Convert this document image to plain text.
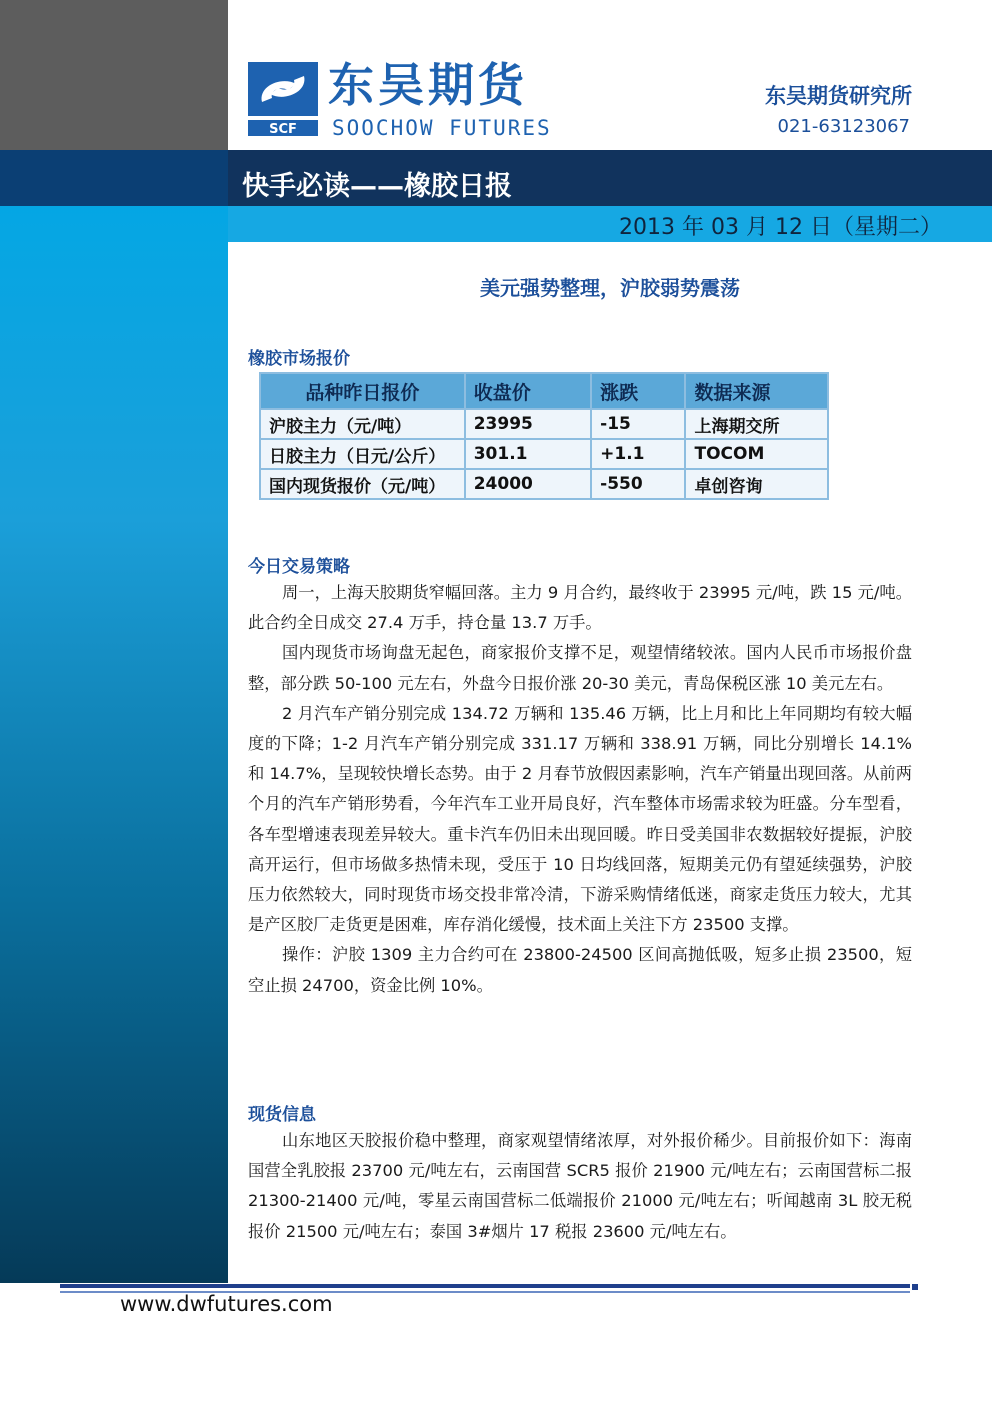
SCF
东吴期货
SOOCHOW FUTURES
东吴期货研究所
021-63123067
快手必读——橡胶日报
2013 年 03 月 12 日（星期二）
美元强势整理，沪胶弱势震荡
橡胶市场报价
品种昨日报价	收盘价	涨跌	数据来源
沪胶主力（元/吨）	23995	-15	上海期交所
日胶主力（日元/公斤）	301.1	+1.1	TOCOM
国内现货报价（元/吨）	24000	-550	卓创咨询
今日交易策略

周一，上海天胶期货窄幅回落。主力 9 月合约，最终收于 23995 元/吨，跌 15 元/吨。此合约全日成交 27.4 万手，持仓量 13.7 万手。

国内现货市场询盘无起色，商家报价支撑不足，观望情绪较浓。国内人民币市场报价盘整，部分跌 50-100 元左右，外盘今日报价涨 20-30 美元，青岛保税区涨 10 美元左右。

2 月汽车产销分别完成 134.72 万辆和 135.46 万辆，比上月和比上年同期均有较大幅度的下降；1-2 月汽车产销分别完成 331.17 万辆和 338.91 万辆，同比分别增长 14.1% 和 14.7%，呈现较快增长态势。由于 2 月春节放假因素影响，汽车产销量出现回落。从前两个月的汽车产销形势看，今年汽车工业开局良好，汽车整体市场需求较为旺盛。分车型看，各车型增速表现差异较大。重卡汽车仍旧未出现回暖。昨日受美国非农数据较好提振，沪胶高开运行，但市场做多热情未现，受压于 10 日均线回落，短期美元仍有望延续强势，沪胶压力依然较大，同时现货市场交投非常冷清，下游采购情绪低迷，商家走货压力较大，尤其是产区胶厂走货更是困难，库存消化缓慢，技术面上关注下方 23500 支撑。

操作：沪胶 1309 主力合约可在 23800-24500 区间高抛低吸，短多止损 23500，短空止损 24700，资金比例 10%。

现货信息

山东地区天胶报价稳中整理，商家观望情绪浓厚，对外报价稀少。目前报价如下：海南国营全乳胶报 23700 元/吨左右，云南国营 SCR5 报价 21900 元/吨左右；云南国营标二报 21300-21400 元/吨，零星云南国营标二低端报价 21000 元/吨左右；听闻越南 3L 胶无税报价 21500 元/吨左右；泰国 3#烟片 17 税报 23600 元/吨左右。

www.dwfutures.com
